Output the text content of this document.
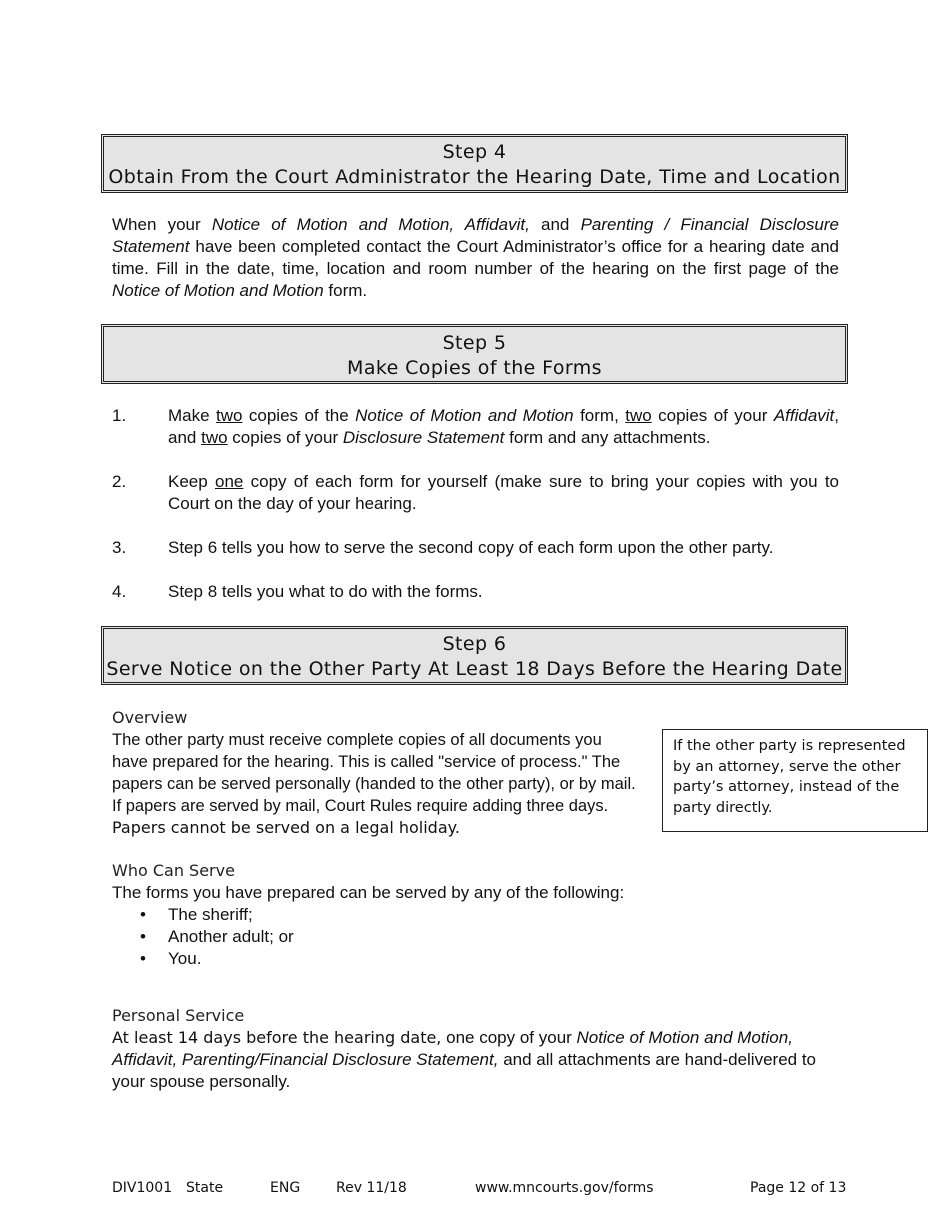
Step 4
Obtain From the Court Administrator the Hearing Date, Time and Location
When your Notice of Motion and Motion, Affidavit, and Parenting / Financial Disclosure Statement have been completed contact the Court Administrator’s office for a hearing date and time. Fill in the date, time, location and room number of the hearing on the first page of the Notice of Motion and Motion form.
Step 5
Make Copies of the Forms
1. Make two copies of the Notice of Motion and Motion form, two copies of your Affidavit, and two copies of your Disclosure Statement form and any attachments.
2. Keep one copy of each form for yourself (make sure to bring your copies with you to Court on the day of your hearing.
3. Step 6 tells you how to serve the second copy of each form upon the other party.
4. Step 8 tells you what to do with the forms.
Step 6
Serve Notice on the Other Party At Least 18 Days Before the Hearing Date
Overview
The other party must receive complete copies of all documents you
have prepared for the hearing. This is called "service of process." The
papers can be served personally (handed to the other party), or by mail.
If papers are served by mail, Court Rules require adding three days.
Papers cannot be served on a legal holiday.
If the other party is represented by an attorney, serve the other party’s attorney, instead of the party directly.
Who Can Serve
The forms you have prepared can be served by any of the following:
• The sheriff;
• Another adult; or
• You.
Personal Service
At least 14 days before the hearing date, one copy of your Notice of Motion and Motion, Affidavit, Parenting/Financial Disclosure Statement, and all attachments are hand-delivered to your spouse personally.
DIV1001 State	ENG	Rev 11/18	www.mncourts.gov/forms	Page 12 of 13
